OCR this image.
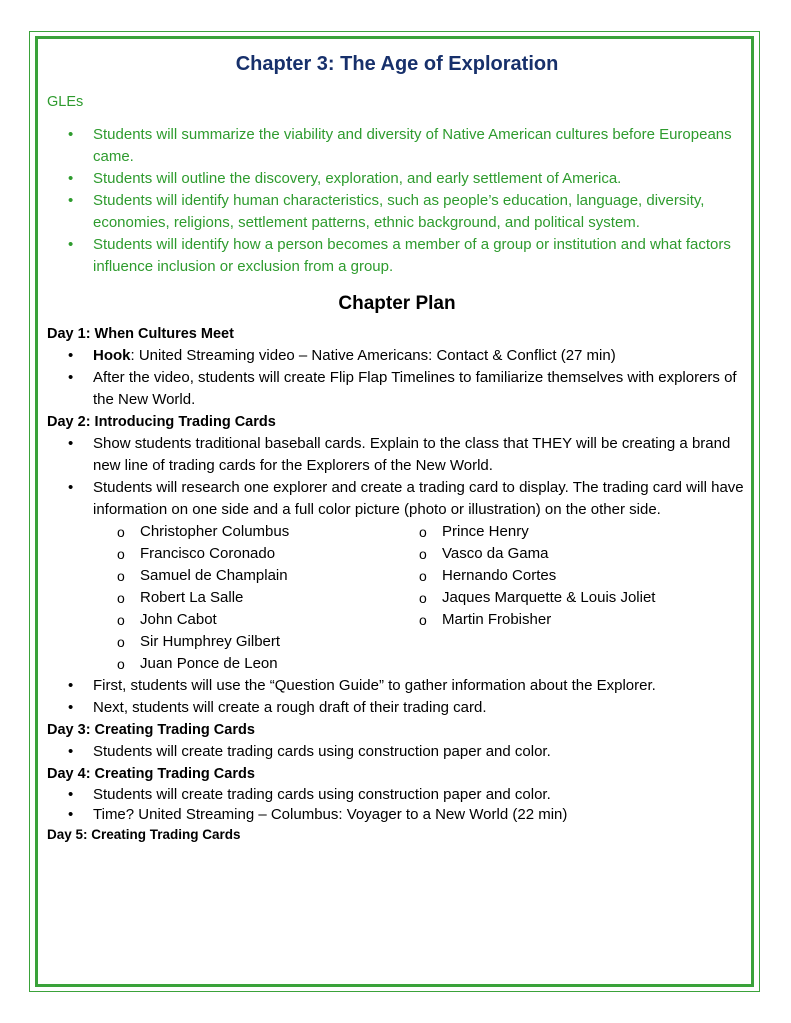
Chapter 3: The Age of Exploration
GLEs
• Students will summarize the viability and diversity of Native American cultures before Europeans came.
• Students will outline the discovery, exploration, and early settlement of America.
• Students will identify human characteristics, such as people’s education, language, diversity, economies, religions, settlement patterns, ethnic background, and political system.
• Students will identify how a person becomes a member of a group or institution and what factors influence inclusion or exclusion from a group.
Chapter Plan
Day 1: When Cultures Meet
• Hook: United Streaming video – Native Americans: Contact & Conflict (27 min)
• After the video, students will create Flip Flap Timelines to familiarize themselves with explorers of the New World.
Day 2: Introducing Trading Cards
• Show students traditional baseball cards. Explain to the class that THEY will be creating a brand new line of trading cards for the Explorers of the New World.
• Students will research one explorer and create a trading card to display. The trading card will have information on one side and a full color picture (photo or illustration) on the other side.
o Christopher Columbus
o Francisco Coronado
o Samuel de Champlain
o Robert La Salle
o John Cabot
o Sir Humphrey Gilbert
o Juan Ponce de Leon
o Prince Henry
o Vasco da Gama
o Hernando Cortes
o Jaques Marquette & Louis Joliet
o Martin Frobisher
• First, students will use the “Question Guide” to gather information about the Explorer.
• Next, students will create a rough draft of their trading card.
Day 3: Creating Trading Cards
• Students will create trading cards using construction paper and color.
Day 4: Creating Trading Cards
• Students will create trading cards using construction paper and color.
• Time? United Streaming – Columbus: Voyager to a New World (22 min)
Day 5: Creating Trading Cards
